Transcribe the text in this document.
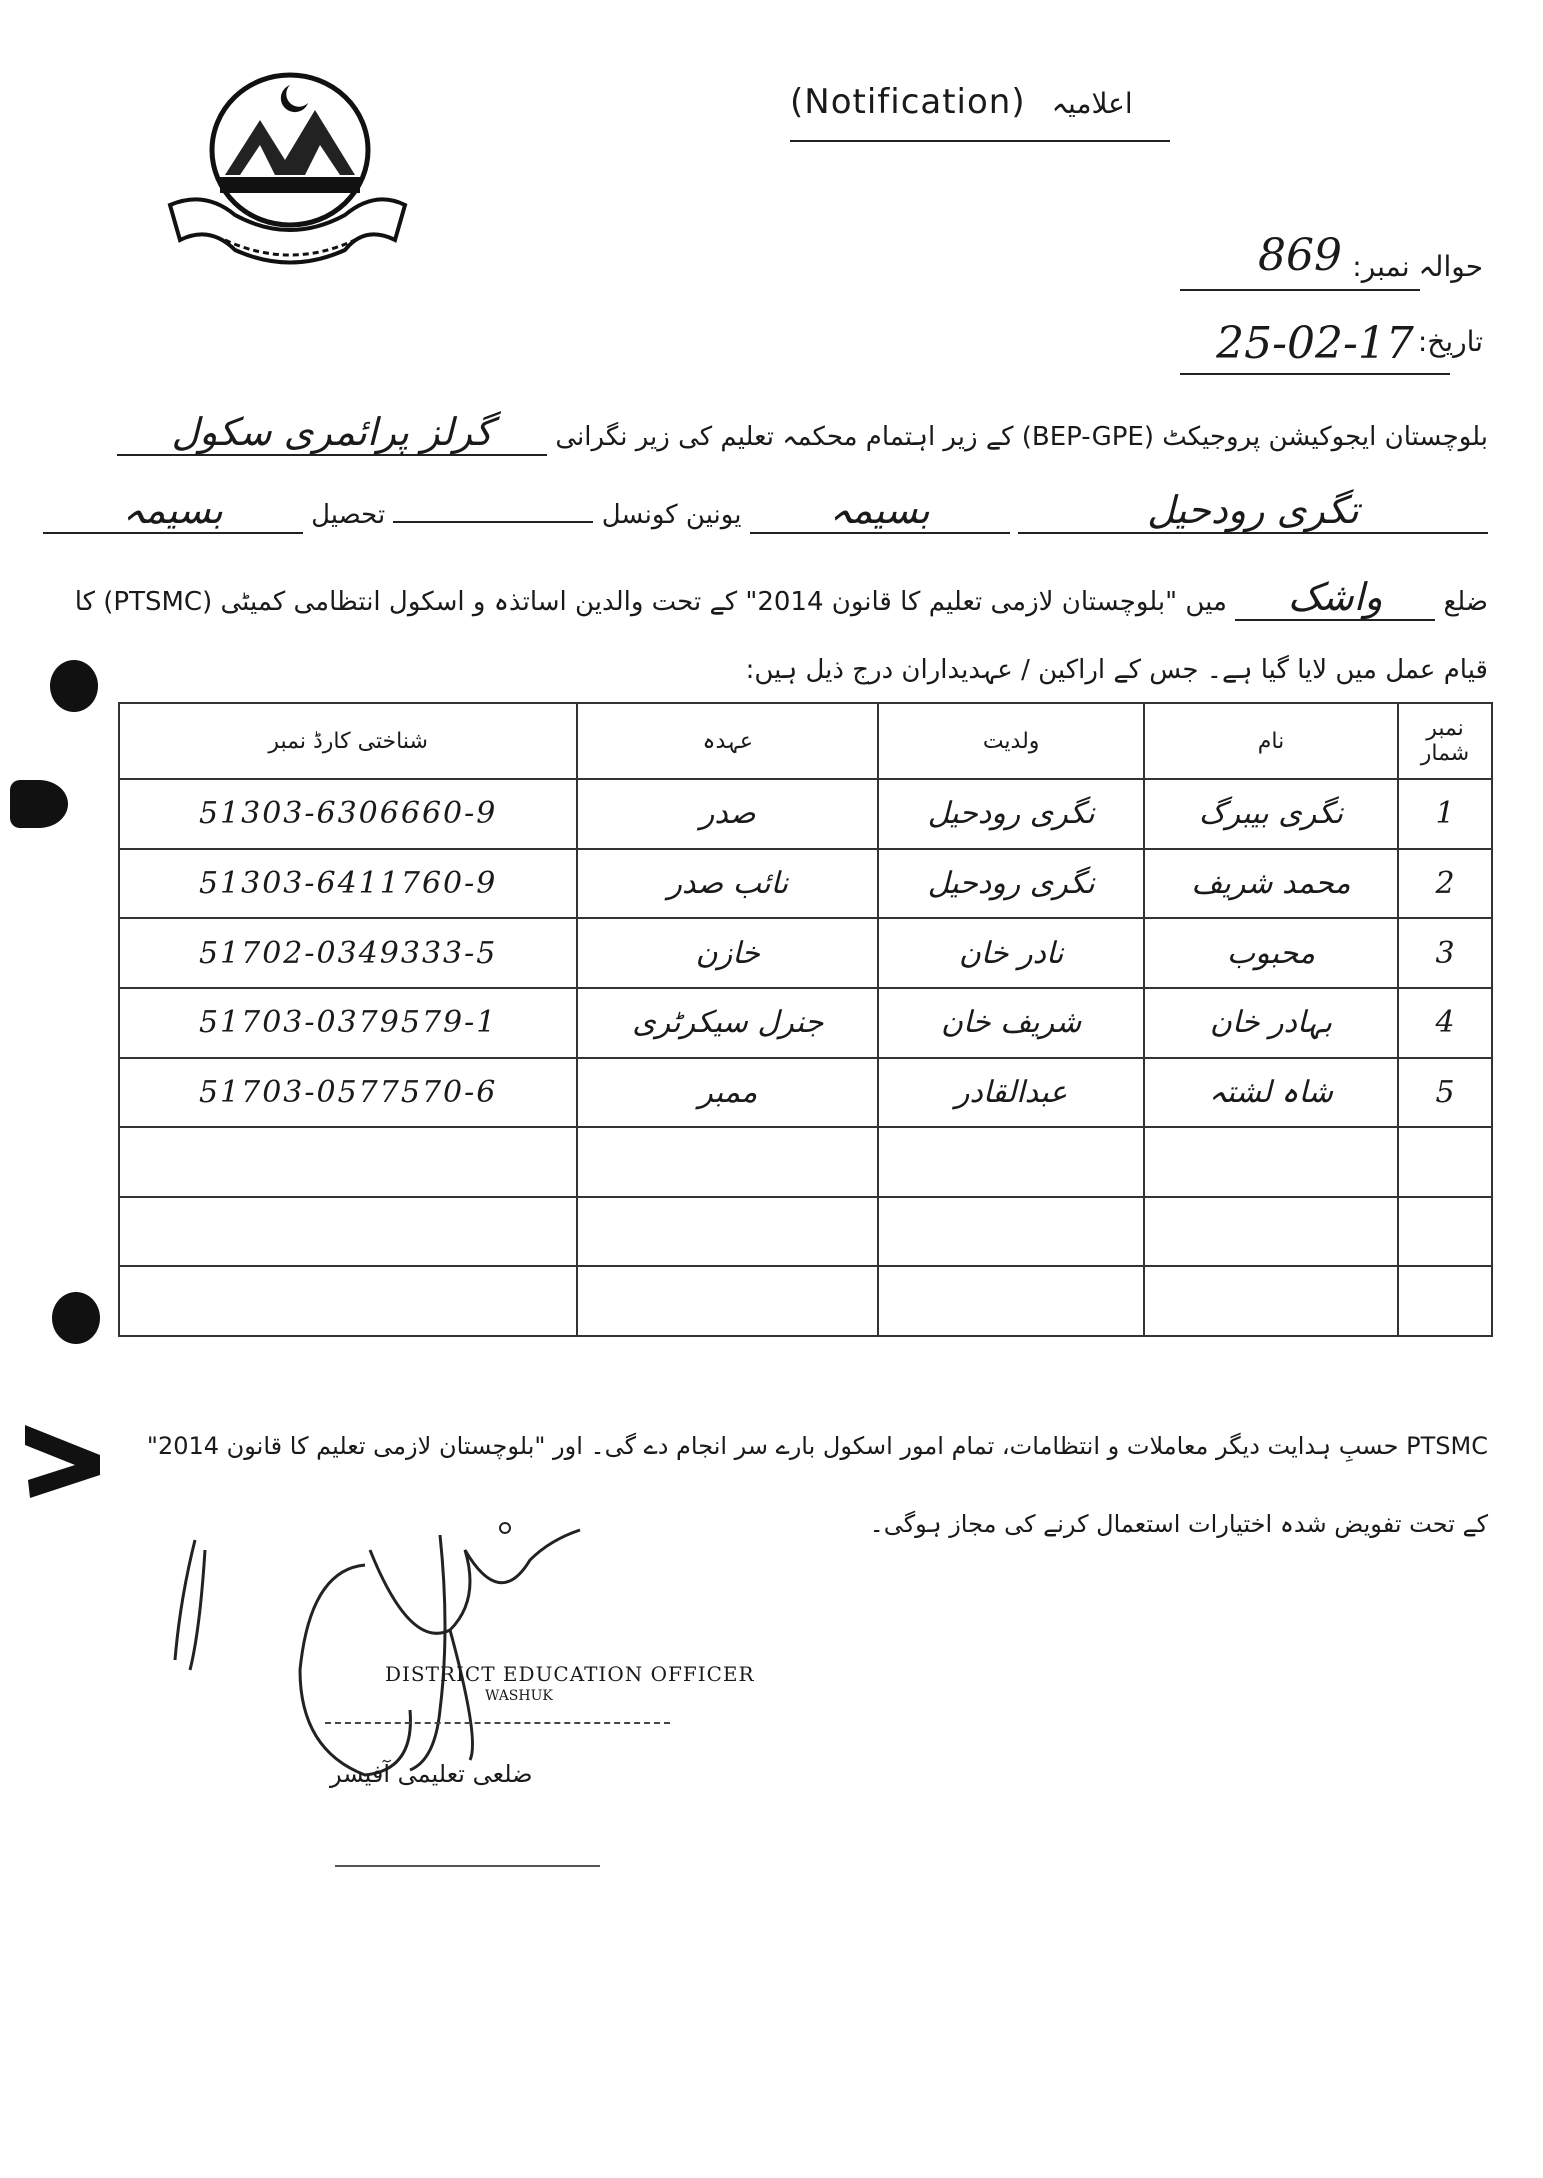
(Notification) اعلامیہ
حوالہ نمبر:
869
تاریخ:
25-02-17
بلوچستان ایجوکیشن پروجیکٹ (BEP-GPE) کے زیر اہتمام محکمہ تعلیم کی زیر نگرانی گرلز پرائمری سکول
تگری رودحیل بسیمہ یونین کونسل  تحصیل بسیمہ
ضلع واشک میں "بلوچستان لازمی تعلیم کا قانون 2014" کے تحت والدین اساتذہ و اسکول انتظامی کمیٹی (PTSMC) کا
قیام عمل میں لایا گیا ہے۔ جس کے اراکین / عہدیداران درج ذیل ہیں:
نمبر شمار	نام	ولدیت	عہدہ	شناختی کارڈ نمبر
1	نگری بیبرگ	نگری رودحیل	صدر	51303-6306660-9
2	محمد شریف	نگری رودحیل	نائب صدر	51303-6411760-9
3	محبوب	نادر خان	خازن	51702-0349333-5
4	بہادر خان	شریف خان	جنرل سیکرٹری	51703-0379579-1
5	شاہ لشتہ	عبدالقادر	ممبر	51703-0577570-6

PTSMC حسبِ ہدایت دیگر معاملات و انتظامات، تمام امور اسکول بارے سر انجام دے گی۔ اور "بلوچستان لازمی تعلیم کا قانون 2014"
کے تحت تفویض شدہ اختیارات استعمال کرنے کی مجاز ہوگی۔
DISTRICT EDUCATION OFFICER
WASHUK
ضلعی تعلیمی آفیسر
